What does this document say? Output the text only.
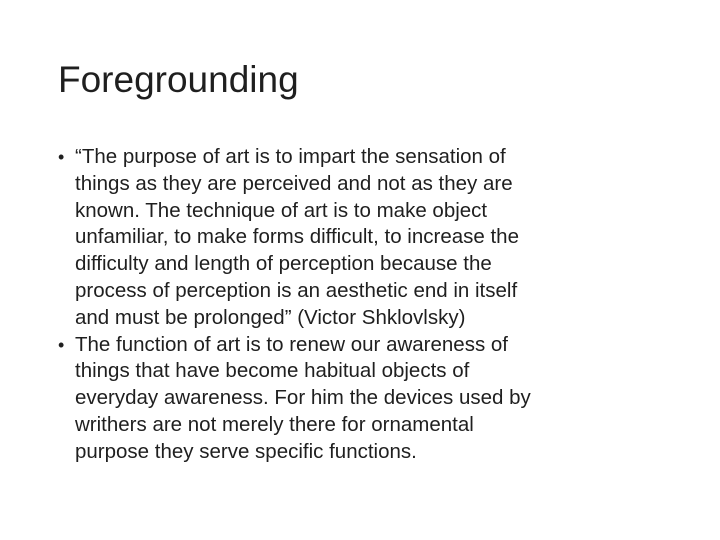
Foregrounding
• “The purpose of art is to impart the sensation of
things as they are perceived and not as they are
known. The technique of art is to make object
unfamiliar, to make forms difficult, to increase the
difficulty and length of perception because the
process of perception is an aesthetic end in itself
and must be prolonged” (Victor Shklovlsky)
• The function of art is to renew our awareness of
things that have become habitual objects of
everyday awareness. For him the devices used by
writhers are not merely there for ornamental
purpose they serve specific functions.
